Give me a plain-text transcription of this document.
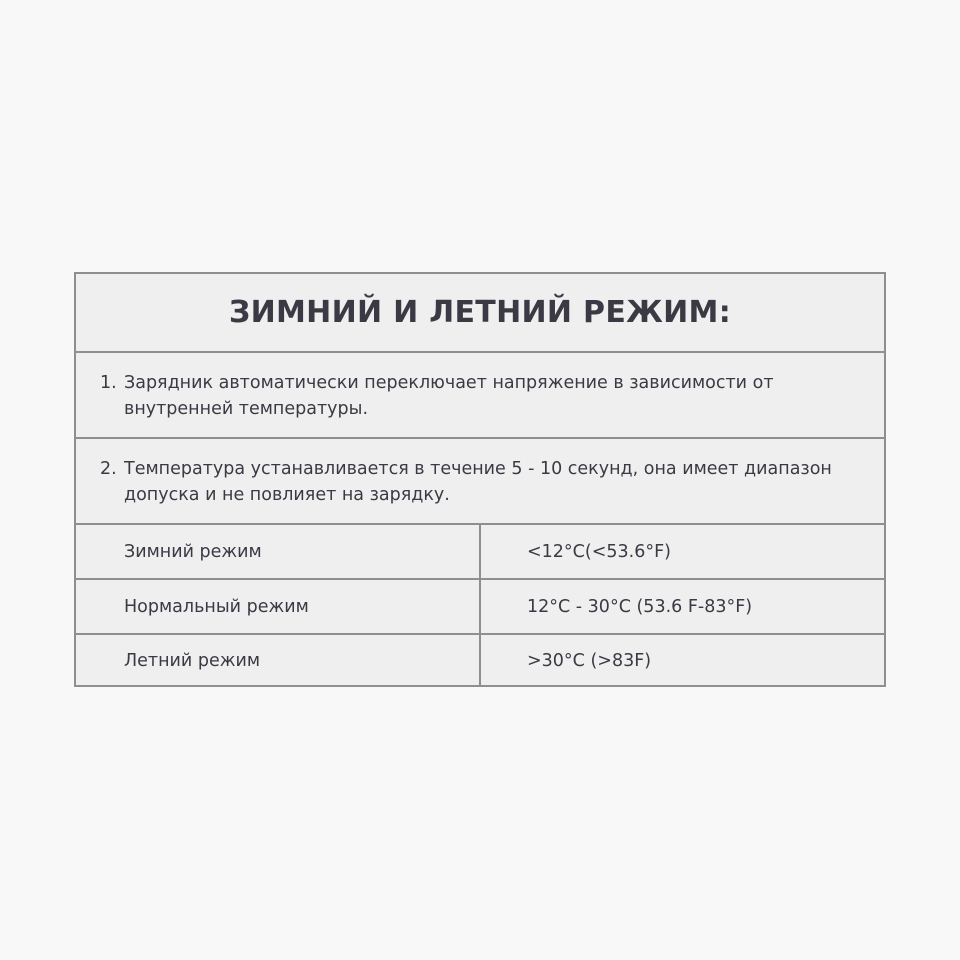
ЗИМНИЙ И ЛЕТНИЙ РЕЖИМ:
1. Зарядник автоматически переключает напряжение в зависимости от внутренней температуры.
2. Температура устанавливается в течение 5 - 10 секунд, она имеет диапазон допуска и не повлияет на зарядку.
Зимний режим	<12°C(<53.6°F)
Нормальный режим	12°C - 30°C (53.6 F-83°F)
Летний режим	>30°C (>83F)
